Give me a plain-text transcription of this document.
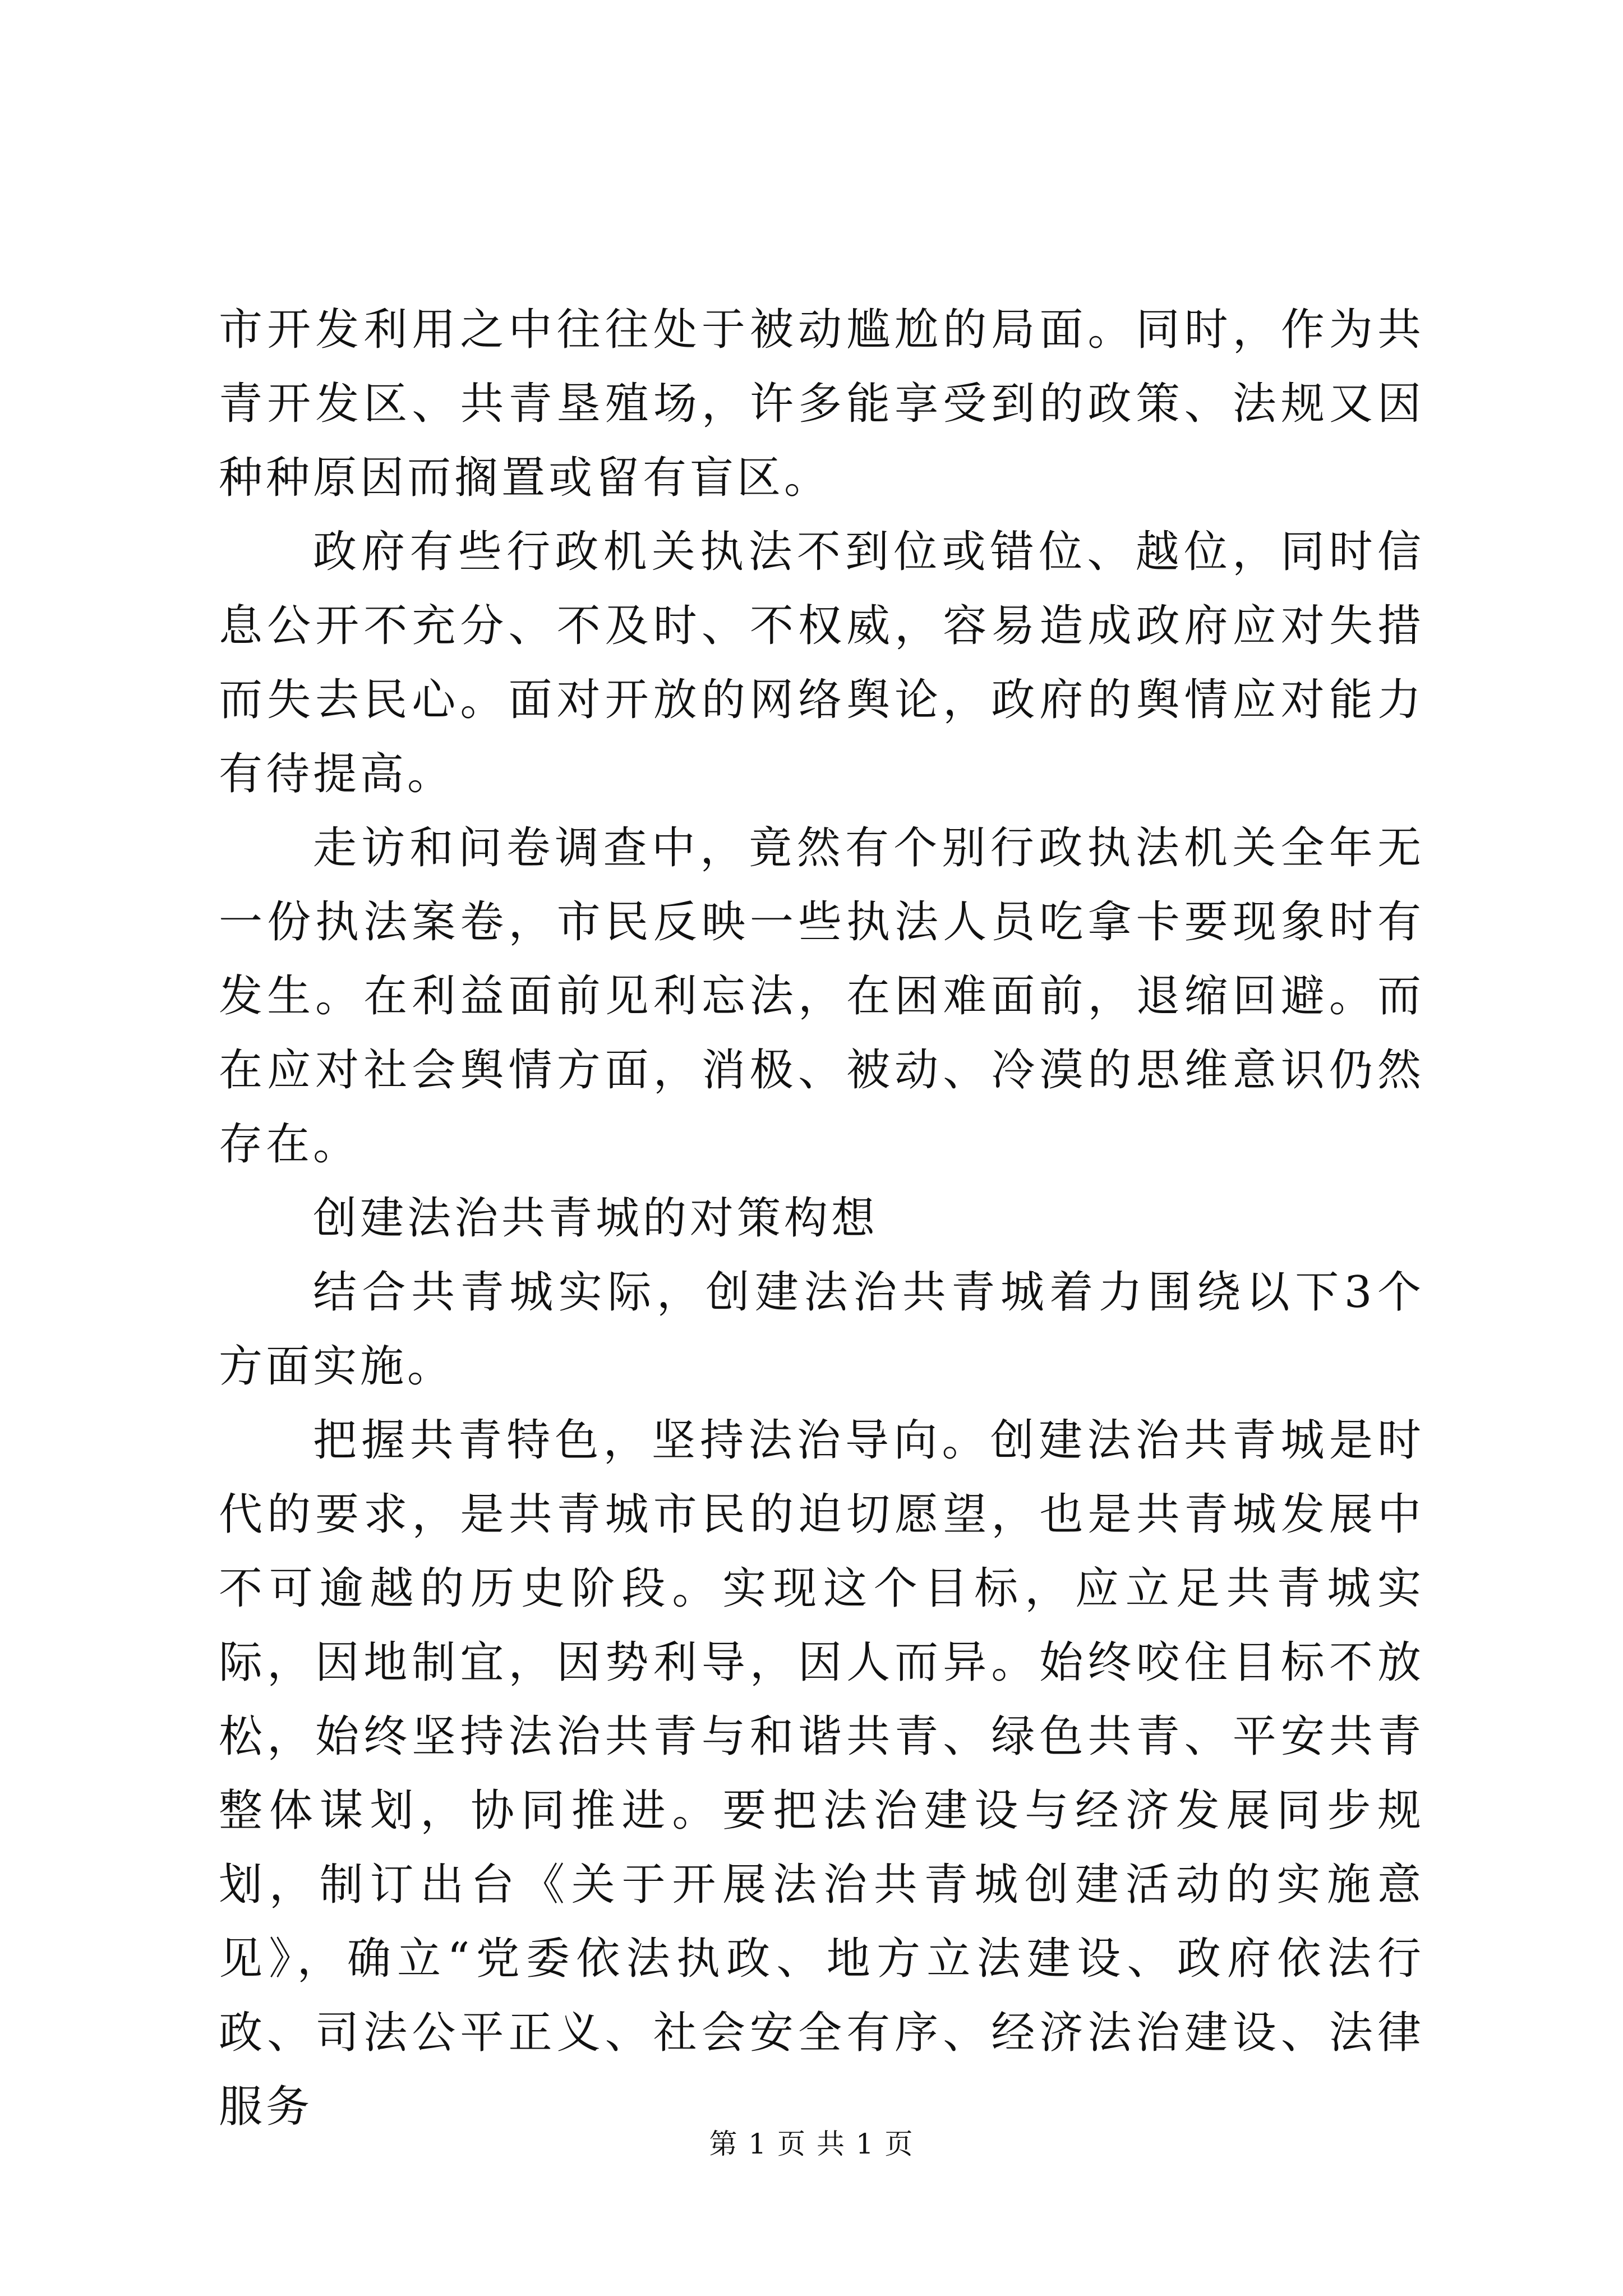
市开发利用之中往往处于被动尴尬的局面。同时，作为共青开发区、共青垦殖场，许多能享受到的政策、法规又因种种原因而搁置或留有盲区。

政府有些行政机关执法不到位或错位、越位，同时信息公开不充分、不及时、不权威，容易造成政府应对失措而失去民心。面对开放的网络舆论，政府的舆情应对能力有待提高。

走访和问卷调查中，竟然有个别行政执法机关全年无一份执法案卷，市民反映一些执法人员吃拿卡要现象时有发生。在利益面前见利忘法，在困难面前，退缩回避。而在应对社会舆情方面，消极、被动、冷漠的思维意识仍然存在。

创建法治共青城的对策构想

结合共青城实际，创建法治共青城着力围绕以下3个方面实施。

把握共青特色，坚持法治导向。创建法治共青城是时代的要求，是共青城市民的迫切愿望，也是共青城发展中不可逾越的历史阶段。实现这个目标，应立足共青城实际，因地制宜，因势利导，因人而异。始终咬住目标不放松，始终坚持法治共青与和谐共青、绿色共青、平安共青整体谋划，协同推进。要把法治建设与经济发展同步规划，制订出台《关于开展法治共青城创建活动的实施意见》，确立“党委依法执政、地方立法建设、政府依法行政、司法公平正义、社会安全有序、经济法治建设、法律服务

第 1 页 共 1 页
